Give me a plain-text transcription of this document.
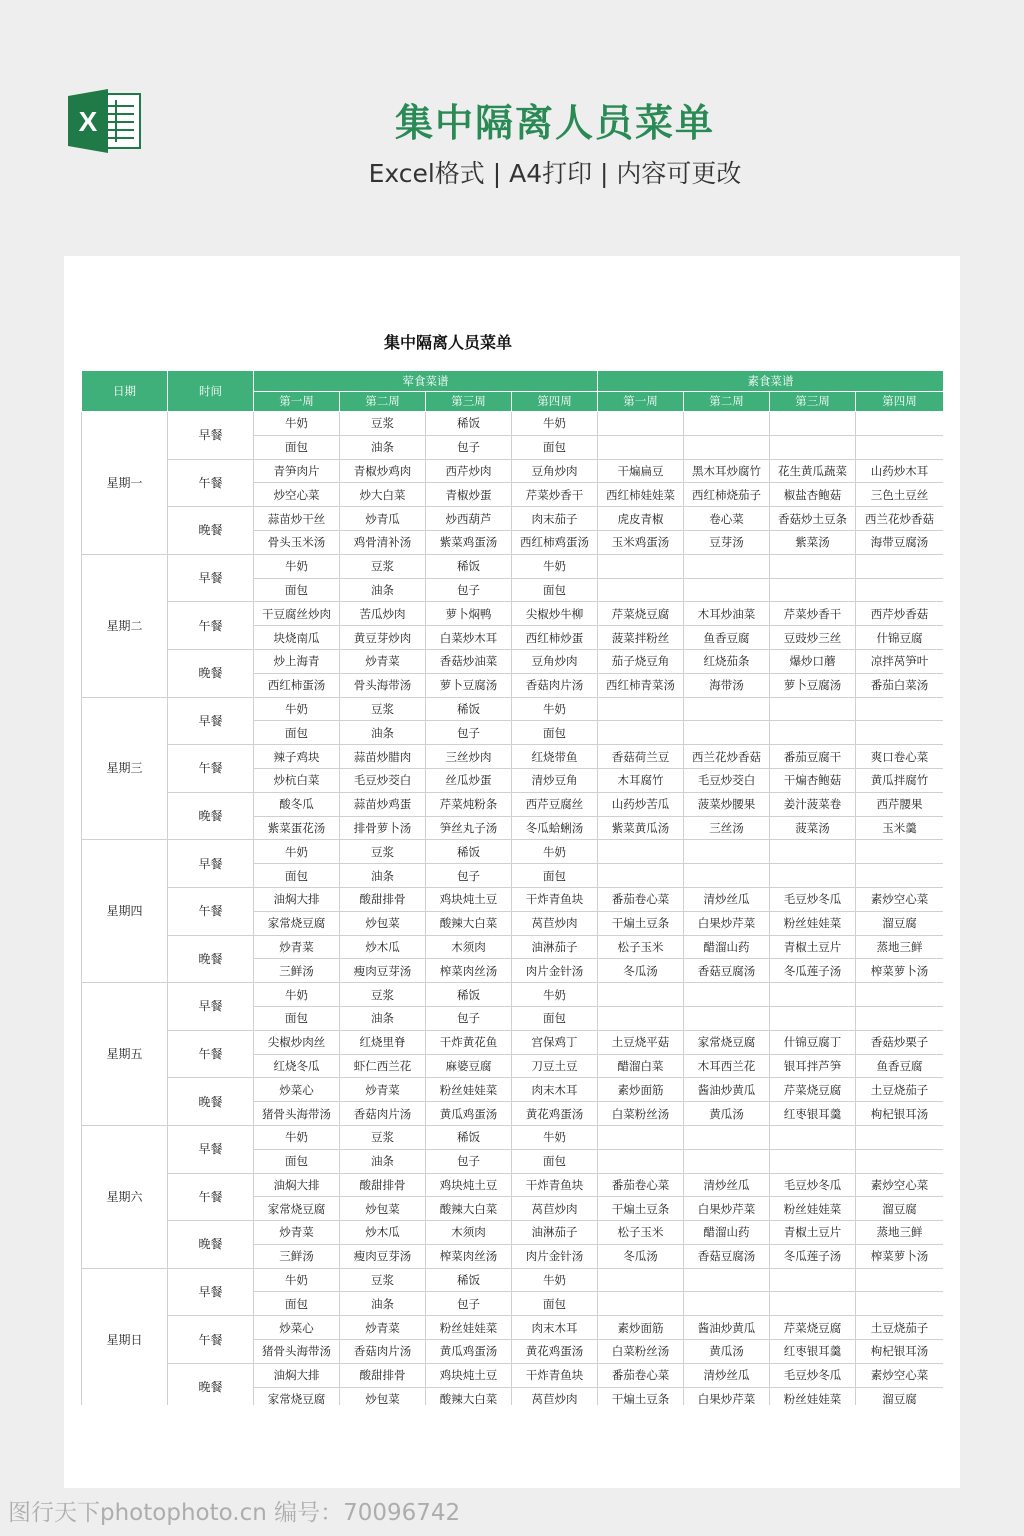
X	集中隔离人员菜单
Excel格式 | A4打印 | 内容可更改
集中隔离人员菜单
日期	时间	荤食菜谱				素食菜谱			
		第一周	第二周	第三周	第四周	第一周	第二周	第三周	第四周
星期一	早餐	牛奶	豆浆	稀饭	牛奶				
		面包	油条	包子	面包				
	午餐	青笋肉片	青椒炒鸡肉	西芹炒肉	豆角炒肉	干煸扁豆	黑木耳炒腐竹	花生黄瓜蔬菜	山药炒木耳
		炒空心菜	炒大白菜	青椒炒蛋	芹菜炒香干	西红柿娃娃菜	西红柿烧茄子	椒盐杏鲍菇	三色土豆丝
	晚餐	蒜苗炒干丝	炒青瓜	炒西葫芦	肉末茄子	虎皮青椒	卷心菜	香菇炒土豆条	西兰花炒香菇
		骨头玉米汤	鸡骨清补汤	紫菜鸡蛋汤	西红柿鸡蛋汤	玉米鸡蛋汤	豆芽汤	紫菜汤	海带豆腐汤
星期二	早餐	牛奶	豆浆	稀饭	牛奶				
		面包	油条	包子	面包				
	午餐	干豆腐丝炒肉	苦瓜炒肉	萝卜焖鸭	尖椒炒牛柳	芹菜烧豆腐	木耳炒油菜	芹菜炒香干	西芹炒香菇
		块烧南瓜	黄豆芽炒肉	白菜炒木耳	西红柿炒蛋	菠菜拌粉丝	鱼香豆腐	豆豉炒三丝	什锦豆腐
	晚餐	炒上海青	炒青菜	香菇炒油菜	豆角炒肉	茄子烧豆角	红烧茄条	爆炒口蘑	凉拌莴笋叶
		西红柿蛋汤	骨头海带汤	萝卜豆腐汤	香菇肉片汤	西红柿青菜汤	海带汤	萝卜豆腐汤	番茄白菜汤
星期三	早餐	牛奶	豆浆	稀饭	牛奶				
		面包	油条	包子	面包				
	午餐	辣子鸡块	蒜苗炒腊肉	三丝炒肉	红烧带鱼	香菇荷兰豆	西兰花炒香菇	番茄豆腐干	爽口卷心菜
		炒杭白菜	毛豆炒茭白	丝瓜炒蛋	清炒豆角	木耳腐竹	毛豆炒茭白	干煸杏鲍菇	黄瓜拌腐竹
	晚餐	酸冬瓜	蒜苗炒鸡蛋	芹菜炖粉条	西芹豆腐丝	山药炒苦瓜	菠菜炒腰果	姜汁菠菜卷	西芹腰果
		紫菜蛋花汤	排骨萝卜汤	笋丝丸子汤	冬瓜蛤蜊汤	紫菜黄瓜汤	三丝汤	菠菜汤	玉米羹
星期四	早餐	牛奶	豆浆	稀饭	牛奶				
		面包	油条	包子	面包				
	午餐	油焖大排	酸甜排骨	鸡块炖土豆	干炸青鱼块	番茄卷心菜	清炒丝瓜	毛豆炒冬瓜	素炒空心菜
		家常烧豆腐	炒包菜	酸辣大白菜	莴苣炒肉	干煸土豆条	白果炒芹菜	粉丝娃娃菜	溜豆腐
	晚餐	炒青菜	炒木瓜	木须肉	油淋茄子	松子玉米	醋溜山药	青椒土豆片	蒸地三鲜
		三鲜汤	瘦肉豆芽汤	榨菜肉丝汤	肉片金针汤	冬瓜汤	香菇豆腐汤	冬瓜莲子汤	榨菜萝卜汤
星期五	早餐	牛奶	豆浆	稀饭	牛奶				
		面包	油条	包子	面包				
	午餐	尖椒炒肉丝	红烧里脊	干炸黄花鱼	宫保鸡丁	土豆烧平菇	家常烧豆腐	什锦豆腐丁	香菇炒栗子
		红烧冬瓜	虾仁西兰花	麻婆豆腐	刀豆土豆	醋溜白菜	木耳西兰花	银耳拌芦笋	鱼香豆腐
	晚餐	炒菜心	炒青菜	粉丝娃娃菜	肉末木耳	素炒面筋	酱油炒黄瓜	芹菜烧豆腐	土豆烧茄子
		猪骨头海带汤	香菇肉片汤	黄瓜鸡蛋汤	黄花鸡蛋汤	白菜粉丝汤	黄瓜汤	红枣银耳羹	枸杞银耳汤
星期六	早餐	牛奶	豆浆	稀饭	牛奶				
		面包	油条	包子	面包				
	午餐	油焖大排	酸甜排骨	鸡块炖土豆	干炸青鱼块	番茄卷心菜	清炒丝瓜	毛豆炒冬瓜	素炒空心菜
		家常烧豆腐	炒包菜	酸辣大白菜	莴苣炒肉	干煸土豆条	白果炒芹菜	粉丝娃娃菜	溜豆腐
	晚餐	炒青菜	炒木瓜	木须肉	油淋茄子	松子玉米	醋溜山药	青椒土豆片	蒸地三鲜
		三鲜汤	瘦肉豆芽汤	榨菜肉丝汤	肉片金针汤	冬瓜汤	香菇豆腐汤	冬瓜莲子汤	榨菜萝卜汤
星期日	早餐	牛奶	豆浆	稀饭	牛奶				
		面包	油条	包子	面包				
	午餐	炒菜心	炒青菜	粉丝娃娃菜	肉末木耳	素炒面筋	酱油炒黄瓜	芹菜烧豆腐	土豆烧茄子
		猪骨头海带汤	香菇肉片汤	黄瓜鸡蛋汤	黄花鸡蛋汤	白菜粉丝汤	黄瓜汤	红枣银耳羹	枸杞银耳汤
	晚餐	油焖大排	酸甜排骨	鸡块炖土豆	干炸青鱼块	番茄卷心菜	清炒丝瓜	毛豆炒冬瓜	素炒空心菜
		家常烧豆腐	炒包菜	酸辣大白菜	莴苣炒肉	干煸土豆条	白果炒芹菜	粉丝娃娃菜	溜豆腐
图行天下photophoto.cn 编号：70096742
